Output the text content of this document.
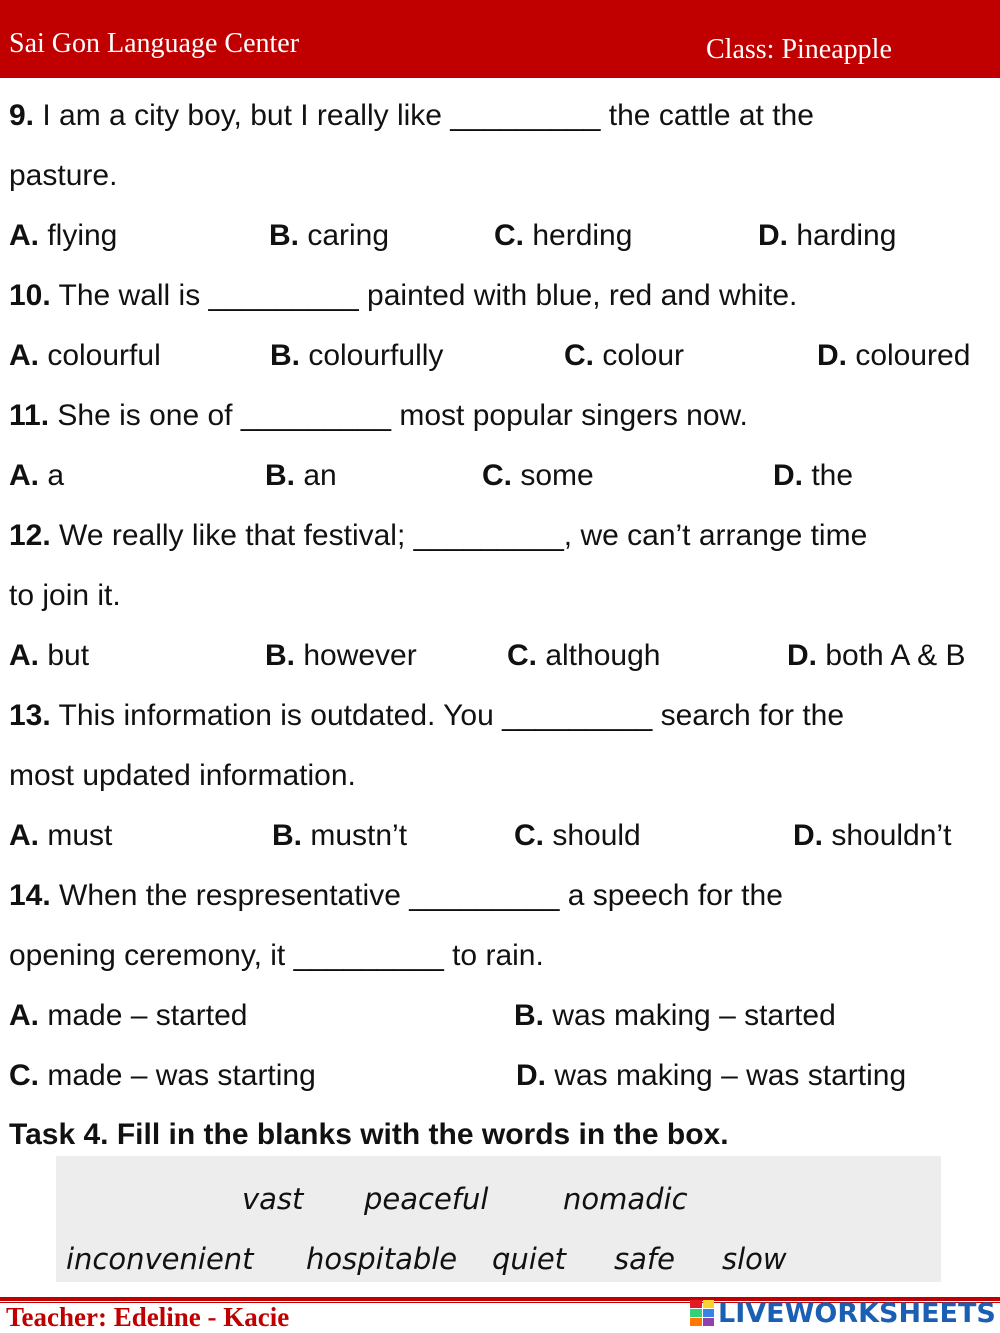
Sai Gon Language Center	Class: Pineapple
9. I am a city boy, but I really like _________ the cattle at the
pasture.
A. flying	B. caring	C. herding	D. harding
10. The wall is _________ painted with blue, red and white.
A. colourful	B. colourfully	C. colour	D. coloured
11. She is one of _________ most popular singers now.
A. a	B. an	C. some	D. the
12. We really like that festival; _________, we can’t arrange time
to join it.
A. but	B. however	C. although	D. both A & B
13. This information is outdated. You _________ search for the
most updated information.
A. must	B. mustn’t	C. should	D. shouldn’t
14. When the respresentative _________ a speech for the
opening ceremony, it _________ to rain.
A. made – started	B. was making – started
C. made – was starting	D. was making – was starting
Task 4. Fill in the blanks with the words in the box.
vast peaceful	nomadic
inconvenient hospitable quiet safe slow
Teacher: Edeline - Kacie	LIVEWORKSHEETS
